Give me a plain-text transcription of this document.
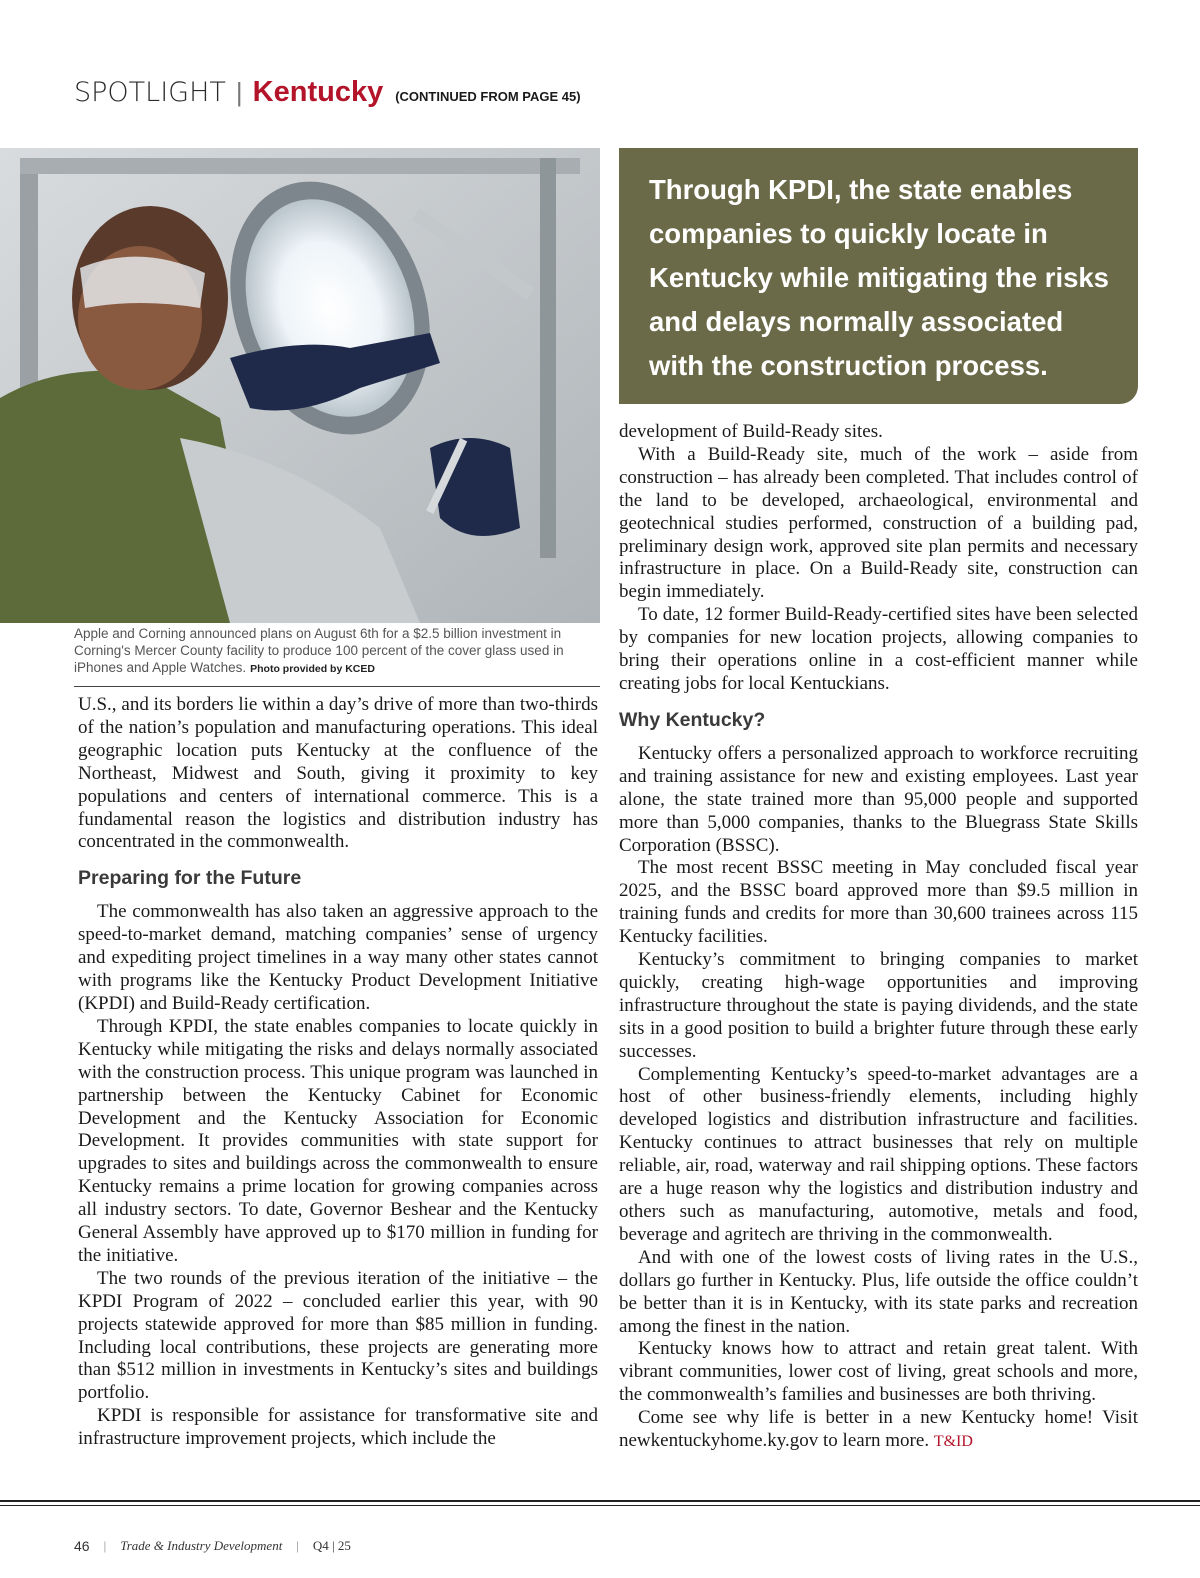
SPOTLIGHT | Kentucky (CONTINUED FROM PAGE 45)
Apple and Corning announced plans on August 6th for a $2.5 billion investment in Corning's Mercer County facility to produce 100 percent of the cover glass used in iPhones and Apple Watches. Photo provided by KCED
Through KPDI, the state enables companies to quickly locate in Kentucky while mitigating the risks and delays normally associated with the construction process.

U.S., and its borders lie within a day’s drive of more than two-thirds of the nation’s population and manufacturing operations. This ideal geographic location puts Kentucky at the confluence of the Northeast, Midwest and South, giving it proximity to key populations and centers of international commerce. This is a fundamental reason the logistics and distribution industry has concentrated in the commonwealth.

Preparing for the Future

The commonwealth has also taken an aggressive approach to the speed-to-market demand, matching companies’ sense of urgency and expediting project timelines in a way many other states cannot with programs like the Kentucky Product Development Initiative (KPDI) and Build-Ready certification.

Through KPDI, the state enables companies to locate quickly in Kentucky while mitigating the risks and delays normally associated with the construction process. This unique program was launched in partnership between the Kentucky Cabinet for Economic Development and the Kentucky Association for Economic Development. It provides communities with state support for upgrades to sites and buildings across the commonwealth to ensure Kentucky remains a prime location for growing companies across all industry sectors. To date, Governor Beshear and the Kentucky General Assembly have approved up to $170 million in funding for the initiative.

The two rounds of the previous iteration of the initiative – the KPDI Program of 2022 – concluded earlier this year, with 90 projects statewide approved for more than $85 million in funding. Including local contributions, these projects are generating more than $512 million in investments in Kentucky’s sites and buildings portfolio.

KPDI is responsible for assistance for transformative site and infrastructure improvement projects, which include the

development of Build-Ready sites.

With a Build-Ready site, much of the work – aside from construction – has already been completed. That includes control of the land to be developed, archaeological, environmental and geotechnical studies performed, construction of a building pad, preliminary design work, approved site plan permits and necessary infrastructure in place. On a Build-Ready site, construction can begin immediately.

To date, 12 former Build-Ready-certified sites have been selected by companies for new location projects, allowing companies to bring their operations online in a cost-efficient manner while creating jobs for local Kentuckians.

Why Kentucky?

Kentucky offers a personalized approach to workforce recruiting and training assistance for new and existing employees. Last year alone, the state trained more than 95,000 people and supported more than 5,000 companies, thanks to the Bluegrass State Skills Corporation (BSSC).

The most recent BSSC meeting in May concluded fiscal year 2025, and the BSSC board approved more than $9.5 million in training funds and credits for more than 30,600 trainees across 115 Kentucky facilities.

Kentucky’s commitment to bringing companies to market quickly, creating high-wage opportunities and improving infrastructure throughout the state is paying dividends, and the state sits in a good position to build a brighter future through these early successes.

Complementing Kentucky’s speed-to-market advantages are a host of other business-friendly elements, including highly developed logistics and distribution infrastructure and facilities. Kentucky continues to attract businesses that rely on multiple reliable, air, road, waterway and rail shipping options. These factors are a huge reason why the logistics and distribution industry and others such as manufacturing, automotive, metals and food, beverage and agritech are thriving in the commonwealth.

And with one of the lowest costs of living rates in the U.S., dollars go further in Kentucky. Plus, life outside the office couldn’t be better than it is in Kentucky, with its state parks and recreation among the finest in the nation.

Kentucky knows how to attract and retain great talent. With vibrant communities, lower cost of living, great schools and more, the commonwealth’s families and businesses are both thriving.

Come see why life is better in a new Kentucky home! Visit newkentuckyhome.ky.gov to learn more. T&ID

46 | Trade & Industry Development | Q4 | 25
